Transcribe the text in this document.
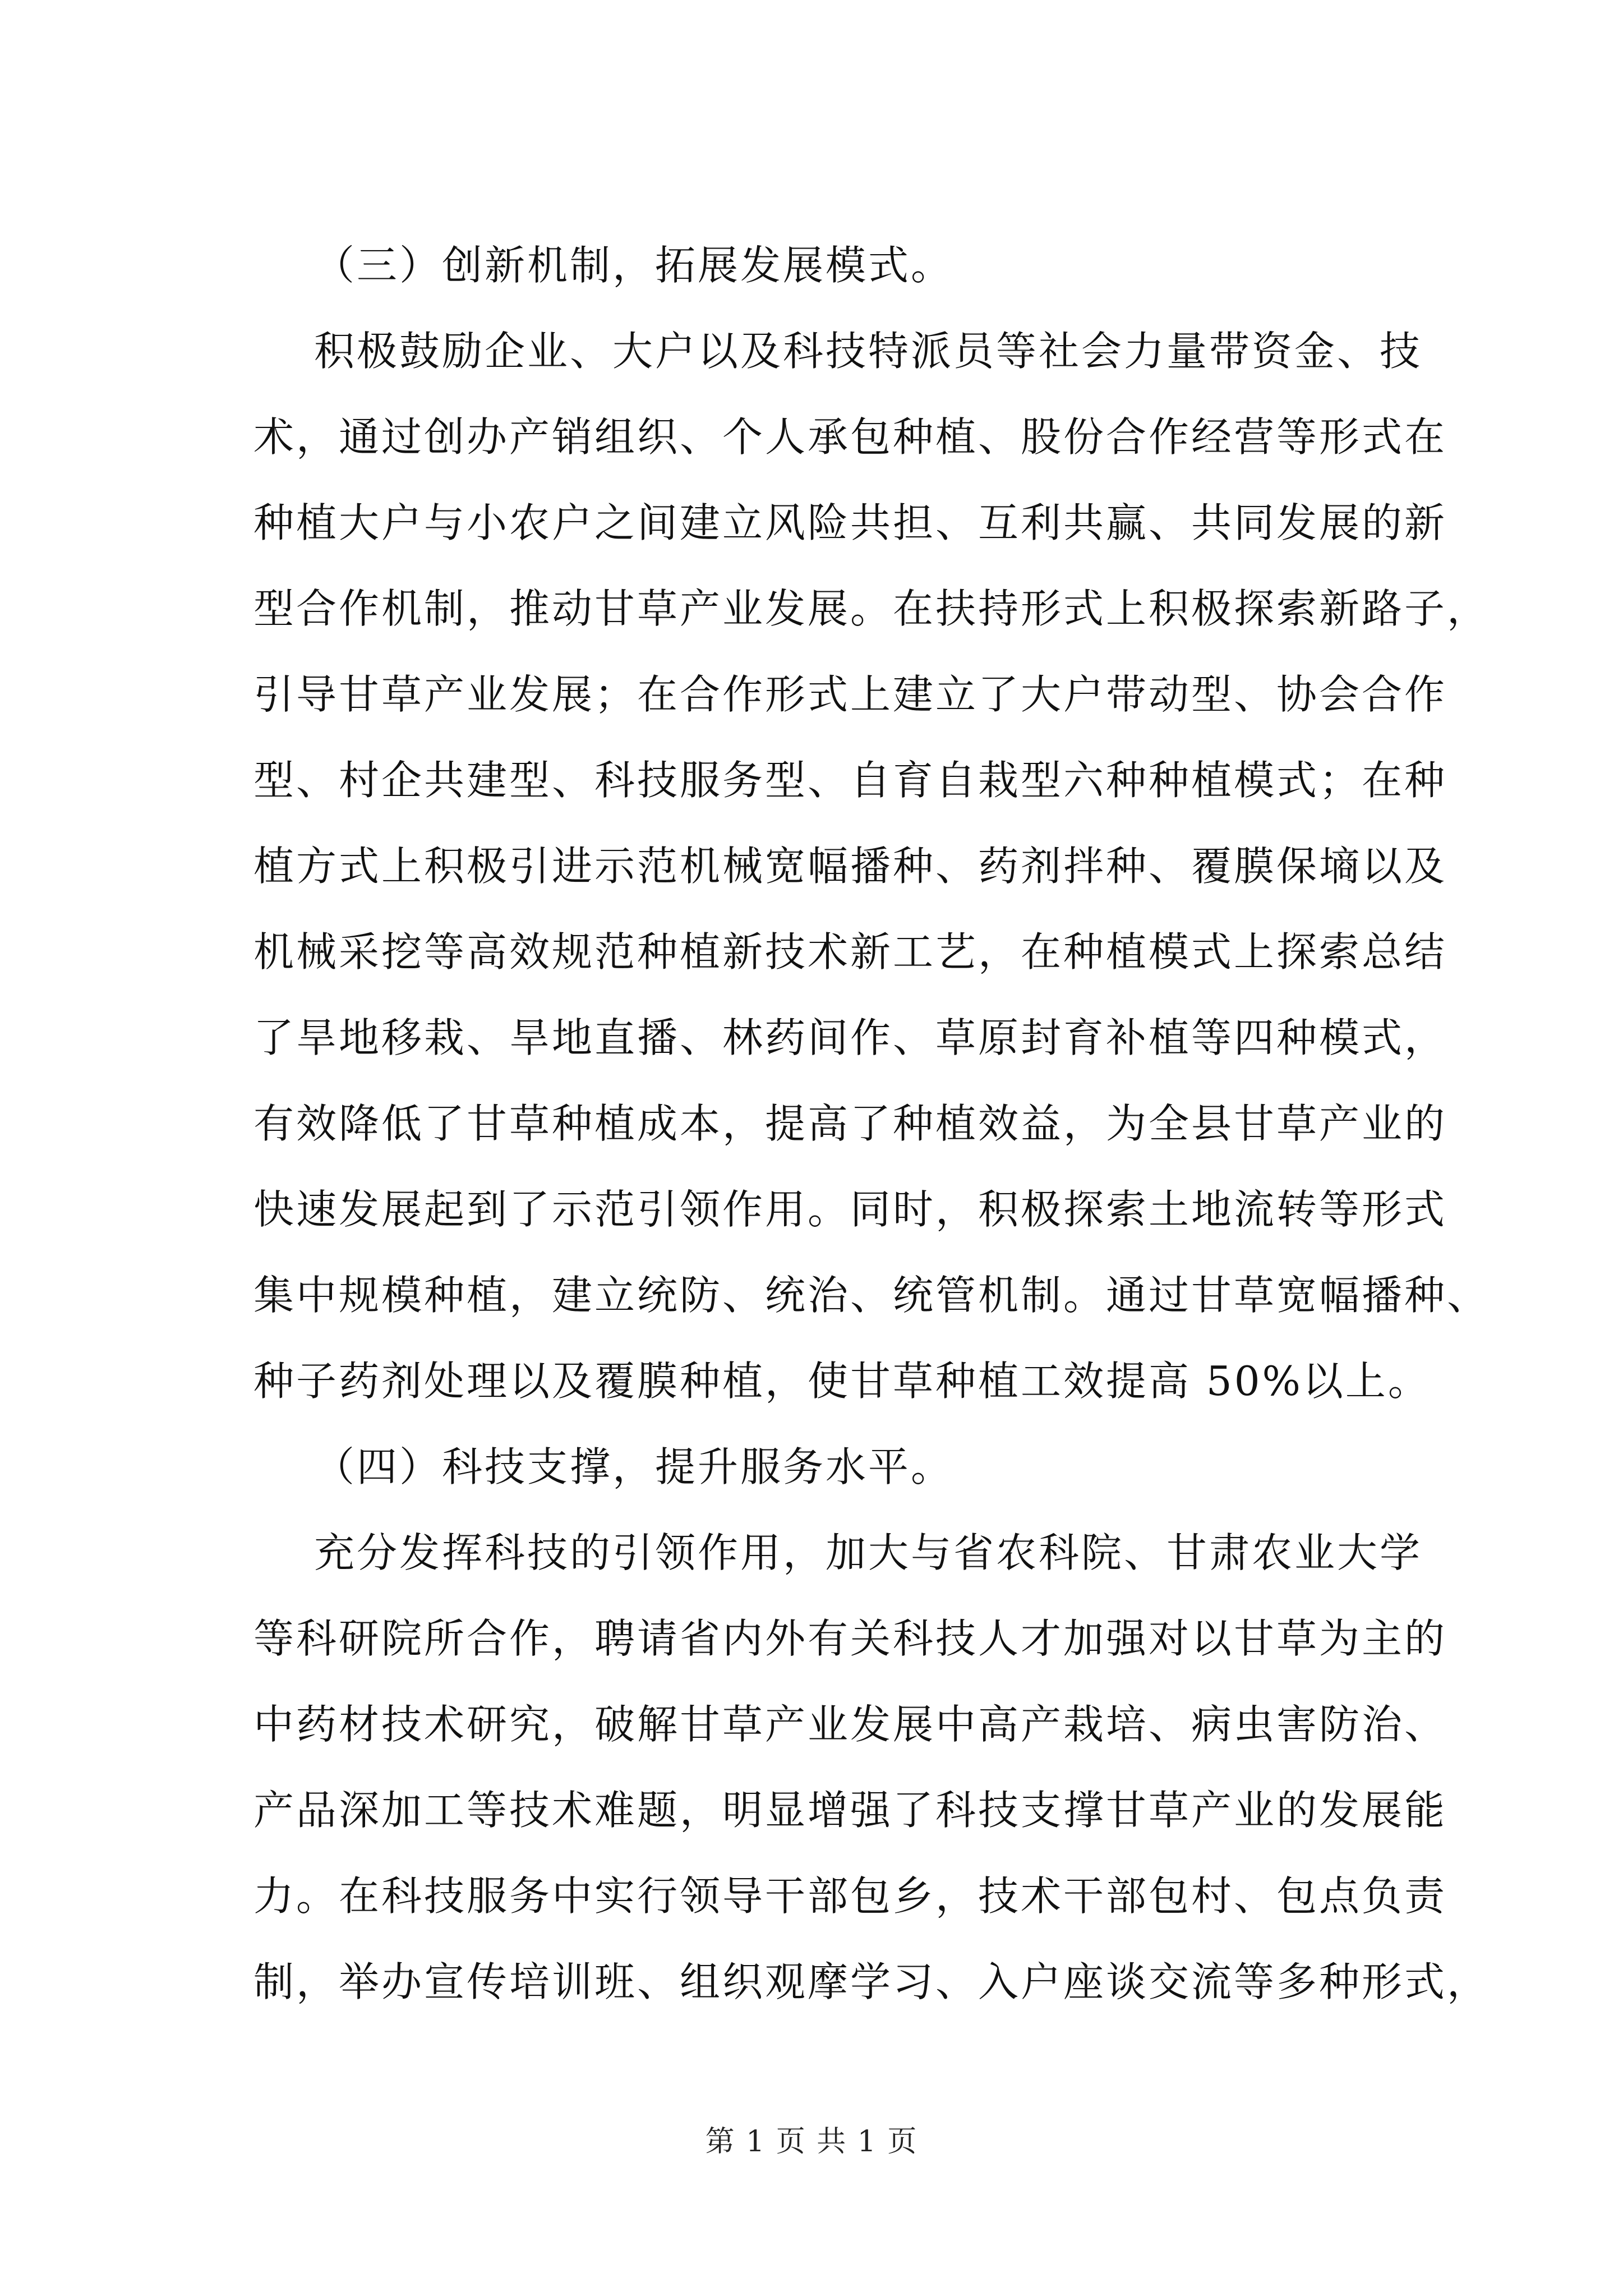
（三）创新机制，拓展发展模式。
积极鼓励企业、大户以及科技特派员等社会力量带资金、技
术，通过创办产销组织、个人承包种植、股份合作经营等形式在
种植大户与小农户之间建立风险共担、互利共赢、共同发展的新
型合作机制，推动甘草产业发展。在扶持形式上积极探索新路子，
引导甘草产业发展；在合作形式上建立了大户带动型、协会合作
型、村企共建型、科技服务型、自育自栽型六种种植模式；在种
植方式上积极引进示范机械宽幅播种、药剂拌种、覆膜保墒以及
机械采挖等高效规范种植新技术新工艺，在种植模式上探索总结
了旱地移栽、旱地直播、林药间作、草原封育补植等四种模式，
有效降低了甘草种植成本，提高了种植效益，为全县甘草产业的
快速发展起到了示范引领作用。同时，积极探索土地流转等形式
集中规模种植，建立统防、统治、统管机制。通过甘草宽幅播种、
种子药剂处理以及覆膜种植，使甘草种植工效提高 50%以上。
（四）科技支撑，提升服务水平。
充分发挥科技的引领作用，加大与省农科院、甘肃农业大学
等科研院所合作，聘请省内外有关科技人才加强对以甘草为主的
中药材技术研究，破解甘草产业发展中高产栽培、病虫害防治、
产品深加工等技术难题，明显增强了科技支撑甘草产业的发展能
力。在科技服务中实行领导干部包乡，技术干部包村、包点负责
制，举办宣传培训班、组织观摩学习、入户座谈交流等多种形式，
第 1 页 共 1 页
